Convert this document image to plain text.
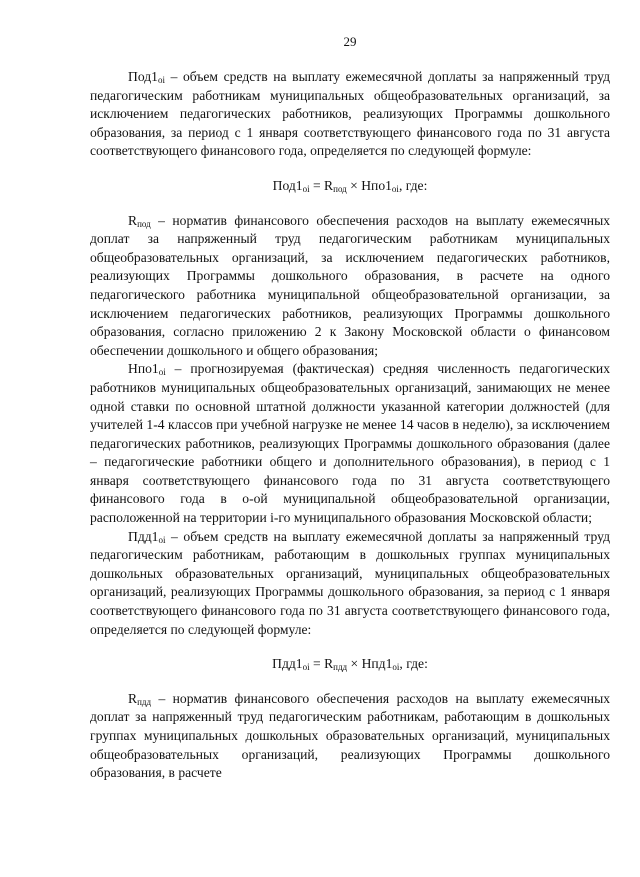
29

$Под1_{oi}$ – объем средств на выплату ежемесячной доплаты за напряженный труд педагогическим работникам муниципальных общеобразовательных организаций, за исключением педагогических работников, реализующих Программы дошкольного образования, за период с 1 января соответствующего финансового года по 31 августа соответствующего финансового года, определяется по следующей формуле:

$Под1_{oi} = R_{под} \times Нпо1_{oi}$, где:

$R_{под}$ – норматив финансового обеспечения расходов на выплату ежемесячных доплат за напряженный труд педагогическим работникам муниципальных общеобразовательных организаций, за исключением педагогических работников, реализующих Программы дошкольного образования, в расчете на одного педагогического работника муниципальной общеобразовательной организации, за исключением педагогических работников, реализующих Программы дошкольного образования, согласно приложению 2 к Закону Московской области о финансовом обеспечении дошкольного и общего образования;

$Нпо1_{oi}$ – прогнозируемая (фактическая) средняя численность педагогических работников муниципальных общеобразовательных организаций, занимающих не менее одной ставки по основной штатной должности указанной категории должностей (для учителей 1-4 классов при учебной нагрузке не менее 14 часов в неделю), за исключением педагогических работников, реализующих Программы дошкольного образования (далее – педагогические работники общего и дополнительного образования), в период с 1 января соответствующего финансового года по 31 августа соответствующего финансового года в o-ой муниципальной общеобразовательной организации, расположенной на территории i-го муниципального образования Московской области;

$Пдд1_{oi}$ – объем средств на выплату ежемесячной доплаты за напряженный труд педагогическим работникам, работающим в дошкольных группах муниципальных дошкольных образовательных организаций, муниципальных общеобразовательных организаций, реализующих Программы дошкольного образования, за период с 1 января соответствующего финансового года по 31 августа соответствующего финансового года, определяется по следующей формуле:

$Пдд1_{oi} = R_{пдд} \times Нпд1_{oi}$, где:

$R_{пдд}$ – норматив финансового обеспечения расходов на выплату ежемесячных доплат за напряженный труд педагогическим работникам, работающим в дошкольных группах муниципальных дошкольных образовательных организаций, муниципальных общеобразовательных организаций, реализующих Программы дошкольного образования, в расчете
